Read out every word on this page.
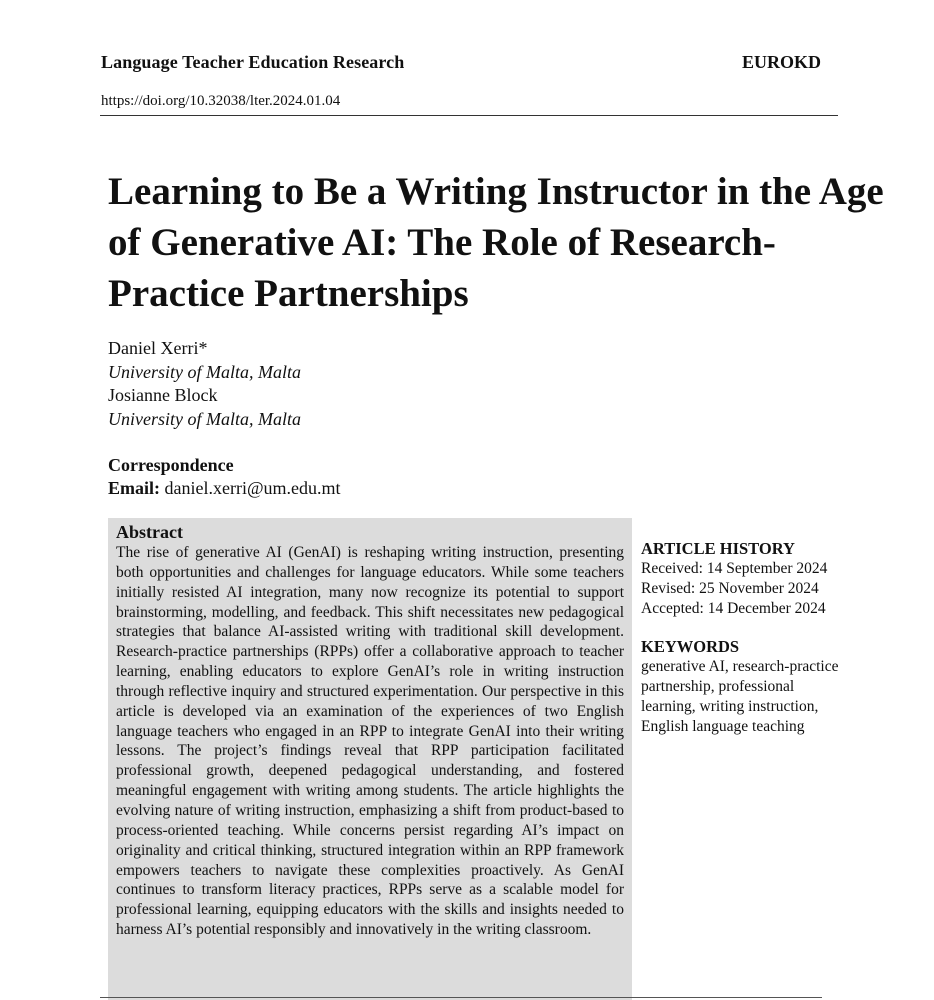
Language Teacher Education Research	EUROKD
https://doi.org/10.32038/lter.2024.01.04
Learning to Be a Writing Instructor in the Age of Generative AI: The Role of Research-Practice Partnerships
Daniel Xerri*
University of Malta, Malta
Josianne Block
University of Malta, Malta
Correspondence
Email: daniel.xerri@um.edu.mt
Abstract
The rise of generative AI (GenAI) is reshaping writing instruction, presenting both opportunities and challenges for language educators. While some teachers initially resisted AI integration, many now recognize its potential to support brainstorming, modelling, and feedback. This shift necessitates new pedagogical strategies that balance AI-assisted writing with traditional skill development. Research-practice partnerships (RPPs) offer a collaborative approach to teacher learning, enabling educators to explore GenAI’s role in writing instruction through reflective inquiry and structured experimentation. Our perspective in this article is developed via an examination of the experiences of two English language teachers who engaged in an RPP to integrate GenAI into their writing lessons. The project’s findings reveal that RPP participation facilitated professional growth, deepened pedagogical understanding, and fostered meaningful engagement with writing among students. The article highlights the evolving nature of writing instruction, emphasizing a shift from product-based to process-oriented teaching. While concerns persist regarding AI’s impact on originality and critical thinking, structured integration within an RPP framework empowers teachers to navigate these complexities proactively. As GenAI continues to transform literacy practices, RPPs serve as a scalable model for professional learning, equipping educators with the skills and insights needed to harness AI’s potential responsibly and innovatively in the writing classroom.
ARTICLE HISTORY
Received: 14 September 2024
Revised: 25 November 2024
Accepted: 14 December 2024
KEYWORDS
generative AI, research-practice partnership, professional learning, writing instruction, English language teaching
